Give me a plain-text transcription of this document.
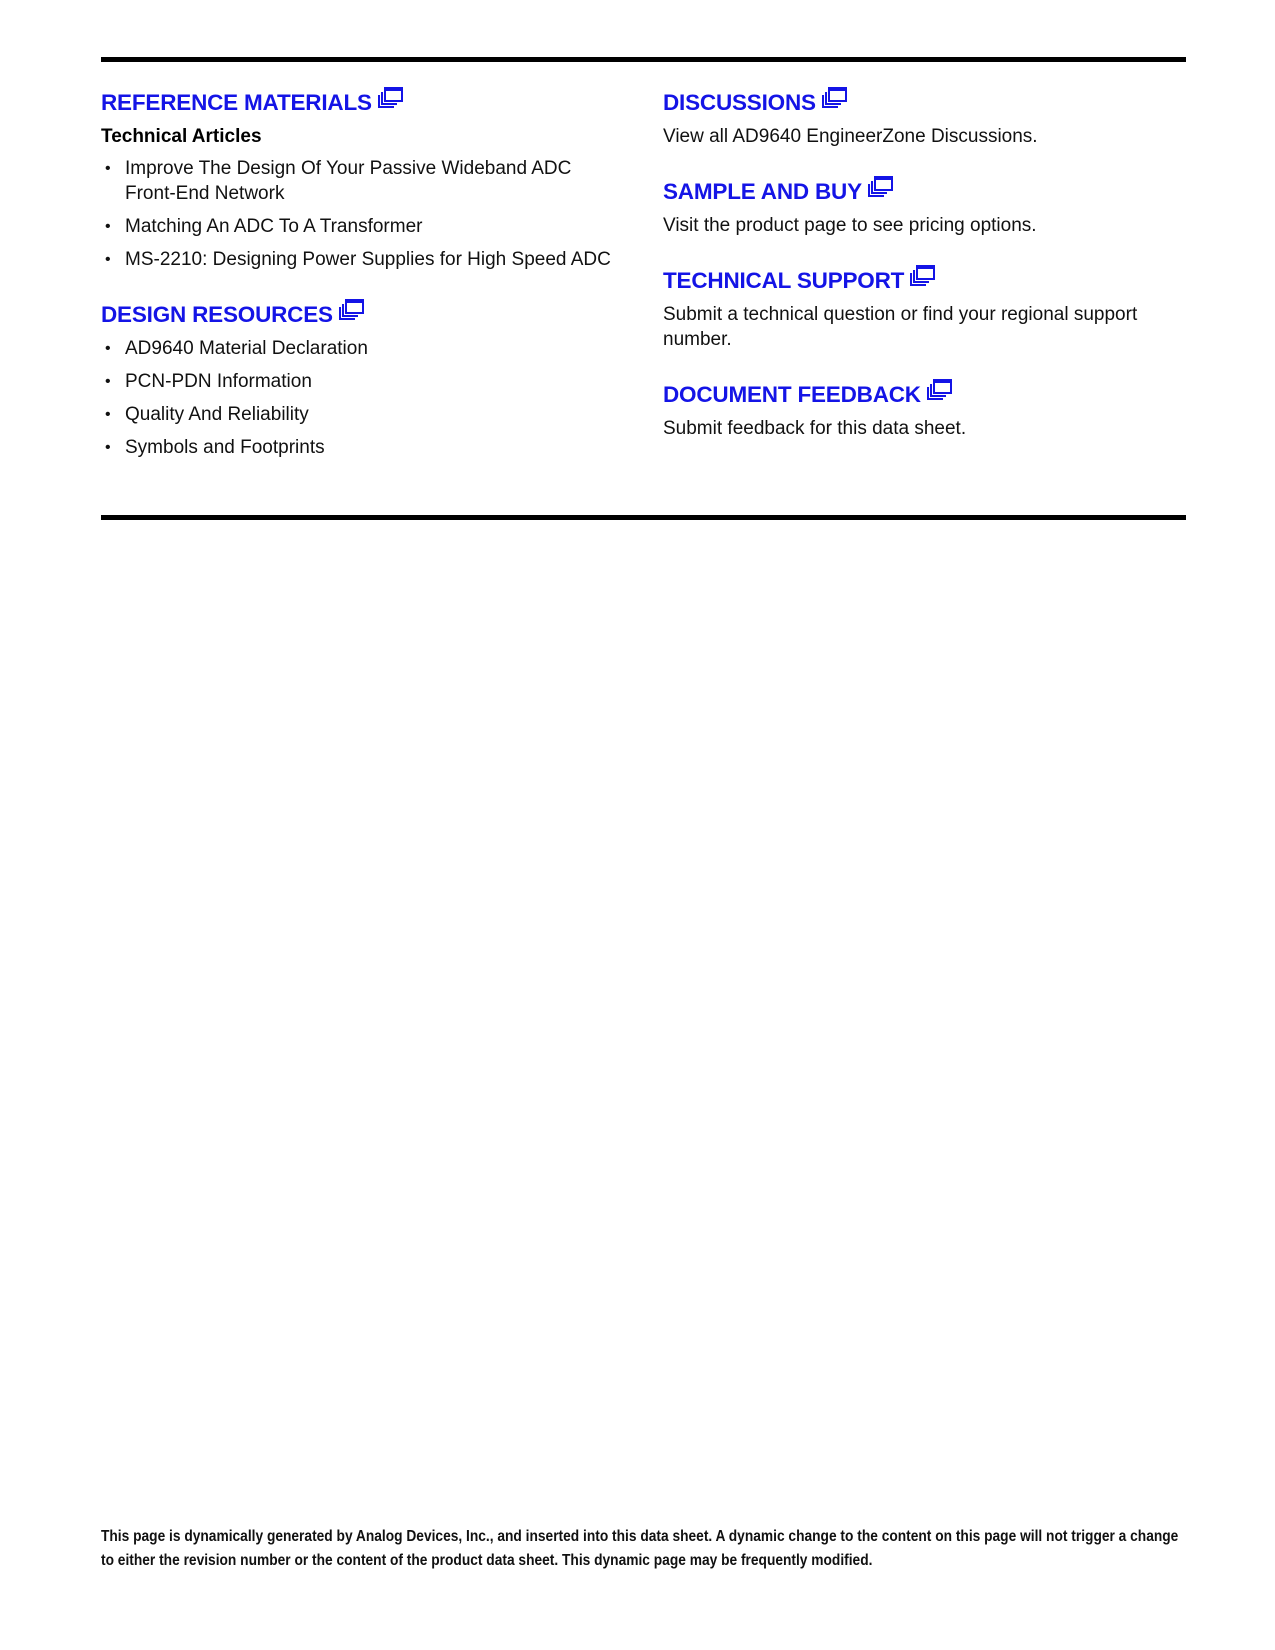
REFERENCE MATERIALS
Technical Articles
• Improve The Design Of Your Passive Wideband ADC Front-End Network
• Matching An ADC To A Transformer
• MS-2210: Designing Power Supplies for High Speed ADC
DESIGN RESOURCES
• AD9640 Material Declaration
• PCN-PDN Information
• Quality And Reliability
• Symbols and Footprints
DISCUSSIONS
View all AD9640 EngineerZone Discussions.
SAMPLE AND BUY
Visit the product page to see pricing options.
TECHNICAL SUPPORT
Submit a technical question or find your regional support number.
DOCUMENT FEEDBACK
Submit feedback for this data sheet.
This page is dynamically generated by Analog Devices, Inc., and inserted into this data sheet. A dynamic change to the content on this page will not trigger a change to either the revision number or the content of the product data sheet. This dynamic page may be frequently modified.
